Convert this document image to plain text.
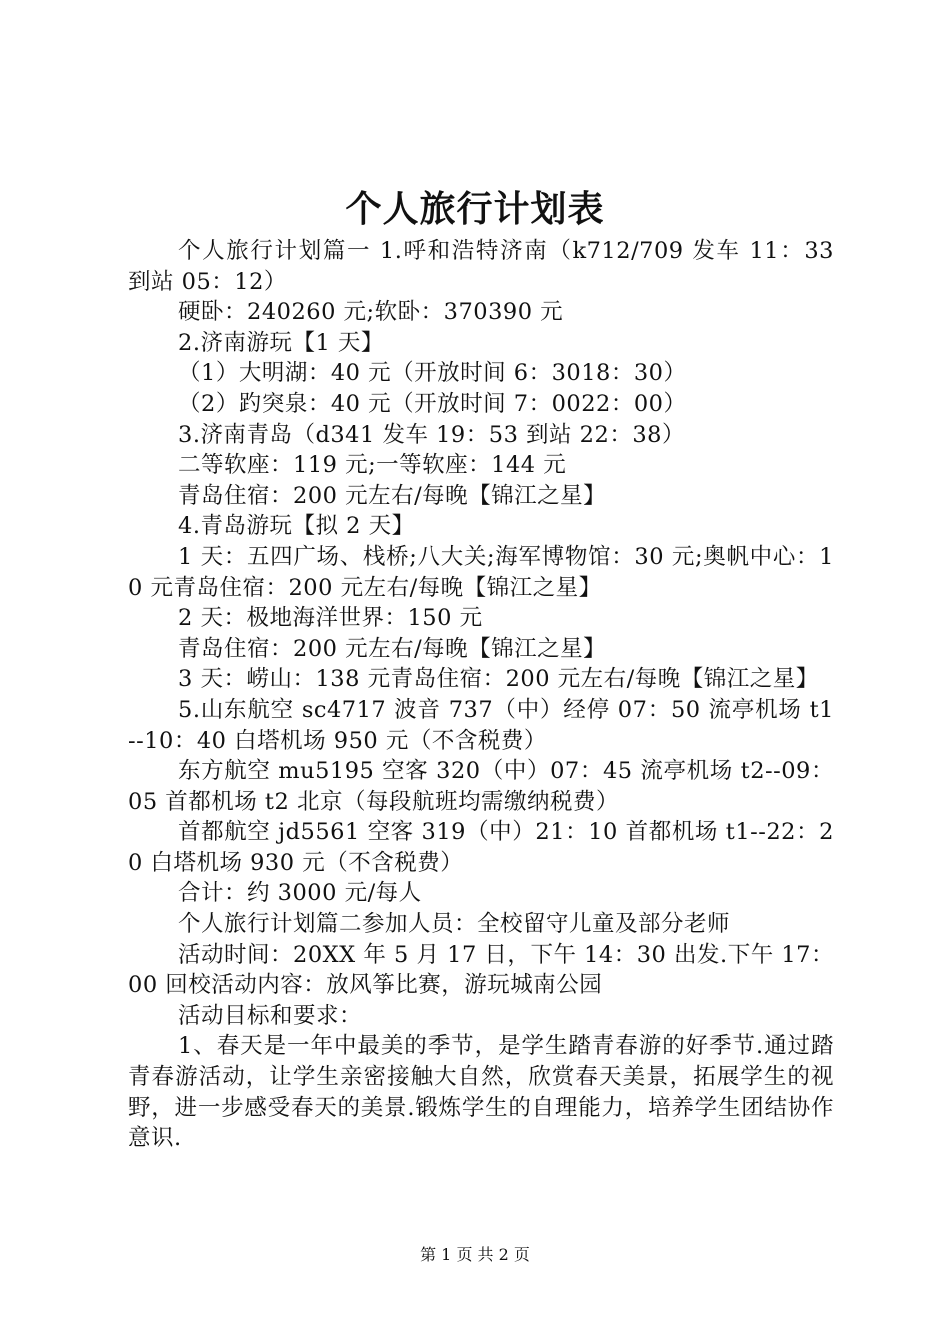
个人旅行计划表

个人旅行计划篇一 1.呼和浩特济南（k712/709 发车 11：33 到站 05：12）

硬卧：240260 元;软卧：370390 元

2.济南游玩【1 天】

（1）大明湖：40 元（开放时间 6：3018：30）

（2）趵突泉：40 元（开放时间 7：0022：00）

3.济南青岛（d341 发车 19：53 到站 22：38）

二等软座：119 元;一等软座：144 元

青岛住宿：200 元左右/每晚【锦江之星】

4.青岛游玩【拟 2 天】

1 天：五四广场、栈桥;八大关;海军博物馆：30 元;奥帆中心：10 元青岛住宿：200 元左右/每晚【锦江之星】

2 天：极地海洋世界：150 元

青岛住宿：200 元左右/每晚【锦江之星】

3 天：崂山：138 元青岛住宿：200 元左右/每晚【锦江之星】

5.山东航空 sc4717 波音 737（中）经停 07：50 流亭机场 t1--10：40 白塔机场 950 元（不含税费）

东方航空 mu5195 空客 320（中）07：45 流亭机场 t2--09：05 首都机场 t2 北京（每段航班均需缴纳税费）

首都航空 jd5561 空客 319（中）21：10 首都机场 t1--22：20 白塔机场 930 元（不含税费）

合计：约 3000 元/每人

个人旅行计划篇二参加人员：全校留守儿童及部分老师

活动时间：20XX 年 5 月 17 日，下午 14：30 出发.下午 17：00 回校活动内容：放风筝比赛，游玩城南公园

活动目标和要求：

1、春天是一年中最美的季节，是学生踏青春游的好季节.通过踏青春游活动，让学生亲密接触大自然，欣赏春天美景，拓展学生的视野，进一步感受春天的美景.锻炼学生的自理能力，培养学生团结协作意识.

第 1 页 共 2 页
